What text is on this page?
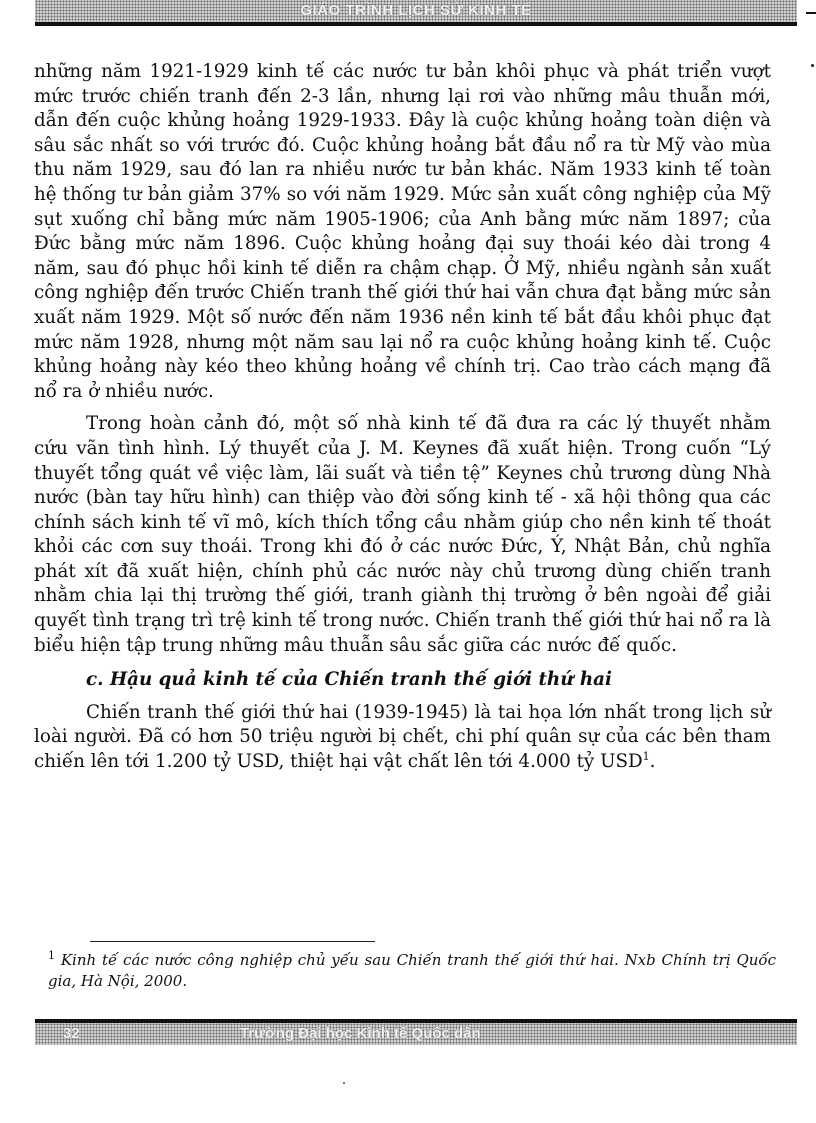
GIÁO TRÌNH LỊCH SỬ KINH TẾ

những năm 1921-1929 kinh tế các nước tư bản khôi phục và phát triển vượt mức trước chiến tranh đến 2-3 lần, nhưng lại rơi vào những mâu thuẫn mới, dẫn đến cuộc khủng hoảng 1929-1933. Đây là cuộc khủng hoảng toàn diện và sâu sắc nhất so với trước đó. Cuộc khủng hoảng bắt đầu nổ ra từ Mỹ vào mùa thu năm 1929, sau đó lan ra nhiều nước tư bản khác. Năm 1933 kinh tế toàn hệ thống tư bản giảm 37% so với năm 1929. Mức sản xuất công nghiệp của Mỹ sụt xuống chỉ bằng mức năm 1905-1906; của Anh bằng mức năm 1897; của Đức bằng mức năm 1896. Cuộc khủng hoảng đại suy thoái kéo dài trong 4 năm, sau đó phục hồi kinh tế diễn ra chậm chạp. Ở Mỹ, nhiều ngành sản xuất công nghiệp đến trước Chiến tranh thế giới thứ hai vẫn chưa đạt bằng mức sản xuất năm 1929. Một số nước đến năm 1936 nền kinh tế bắt đầu khôi phục đạt mức năm 1928, nhưng một năm sau lại nổ ra cuộc khủng hoảng kinh tế. Cuộc khủng hoảng này kéo theo khủng hoảng về chính trị. Cao trào cách mạng đã nổ ra ở nhiều nước.

Trong hoàn cảnh đó, một số nhà kinh tế đã đưa ra các lý thuyết nhằm cứu vãn tình hình. Lý thuyết của J. M. Keynes đã xuất hiện. Trong cuốn “Lý thuyết tổng quát về việc làm, lãi suất và tiền tệ” Keynes chủ trương dùng Nhà nước (bàn tay hữu hình) can thiệp vào đời sống kinh tế - xã hội thông qua các chính sách kinh tế vĩ mô, kích thích tổng cầu nhằm giúp cho nền kinh tế thoát khỏi các cơn suy thoái. Trong khi đó ở các nước Đức, Ý, Nhật Bản, chủ nghĩa phát xít đã xuất hiện, chính phủ các nước này chủ trương dùng chiến tranh nhằm chia lại thị trường thế giới, tranh giành thị trường ở bên ngoài để giải quyết tình trạng trì trệ kinh tế trong nước. Chiến tranh thế giới thứ hai nổ ra là biểu hiện tập trung những mâu thuẫn sâu sắc giữa các nước đế quốc.

c. Hậu quả kinh tế của Chiến tranh thế giới thứ hai

Chiến tranh thế giới thứ hai (1939-1945) là tai họa lớn nhất trong lịch sử loài người. Đã có hơn 50 triệu người bị chết, chi phí quân sự của các bên tham chiến lên tới 1.200 tỷ USD, thiệt hại vật chất lên tới 4.000 tỷ USD$^1$.

$^1$ Kinh tế các nước công nghiệp chủ yếu sau Chiến tranh thế giới thứ hai. Nxb Chính trị Quốc gia, Hà Nội, 2000.
32	Trường Đại học Kinh tế Quốc dân
